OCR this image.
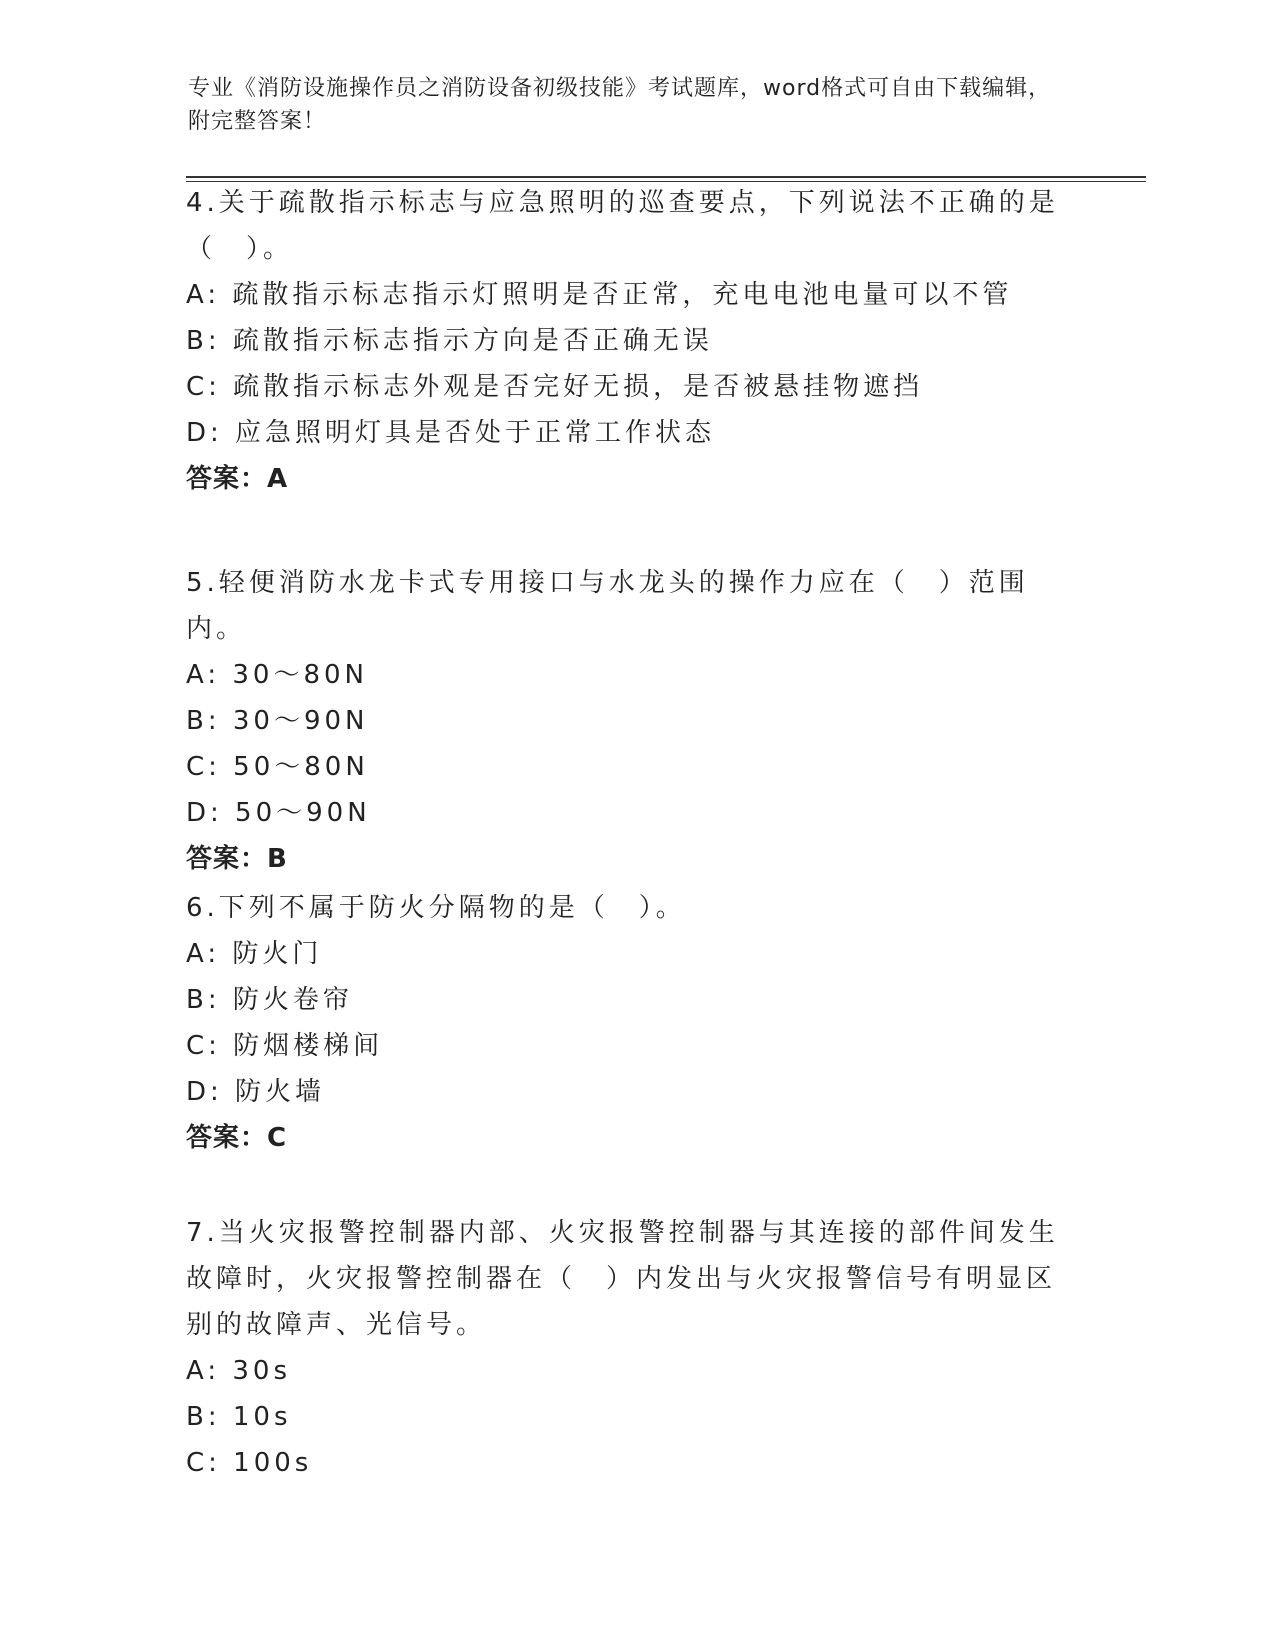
专业《消防设施操作员之消防设备初级技能》考试题库，word格式可自由下载编辑，附完整答案！
4.关于疏散指示标志与应急照明的巡查要点，下列说法不正确的是（　）。
A: 疏散指示标志指示灯照明是否正常，充电电池电量可以不管
B: 疏散指示标志指示方向是否正确无误
C: 疏散指示标志外观是否完好无损，是否被悬挂物遮挡
D: 应急照明灯具是否处于正常工作状态
答案：A
5.轻便消防水龙卡式专用接口与水龙头的操作力应在（　）范围内。
A: 30～80N
B: 30～90N
C: 50～80N
D: 50～90N
答案：B
6.下列不属于防火分隔物的是（　）。
A: 防火门
B: 防火卷帘
C: 防烟楼梯间
D: 防火墙
答案：C
7.当火灾报警控制器内部、火灾报警控制器与其连接的部件间发生故障时，火灾报警控制器在（　）内发出与火灾报警信号有明显区别的故障声、光信号。
A: 30s
B: 10s
C: 100s
